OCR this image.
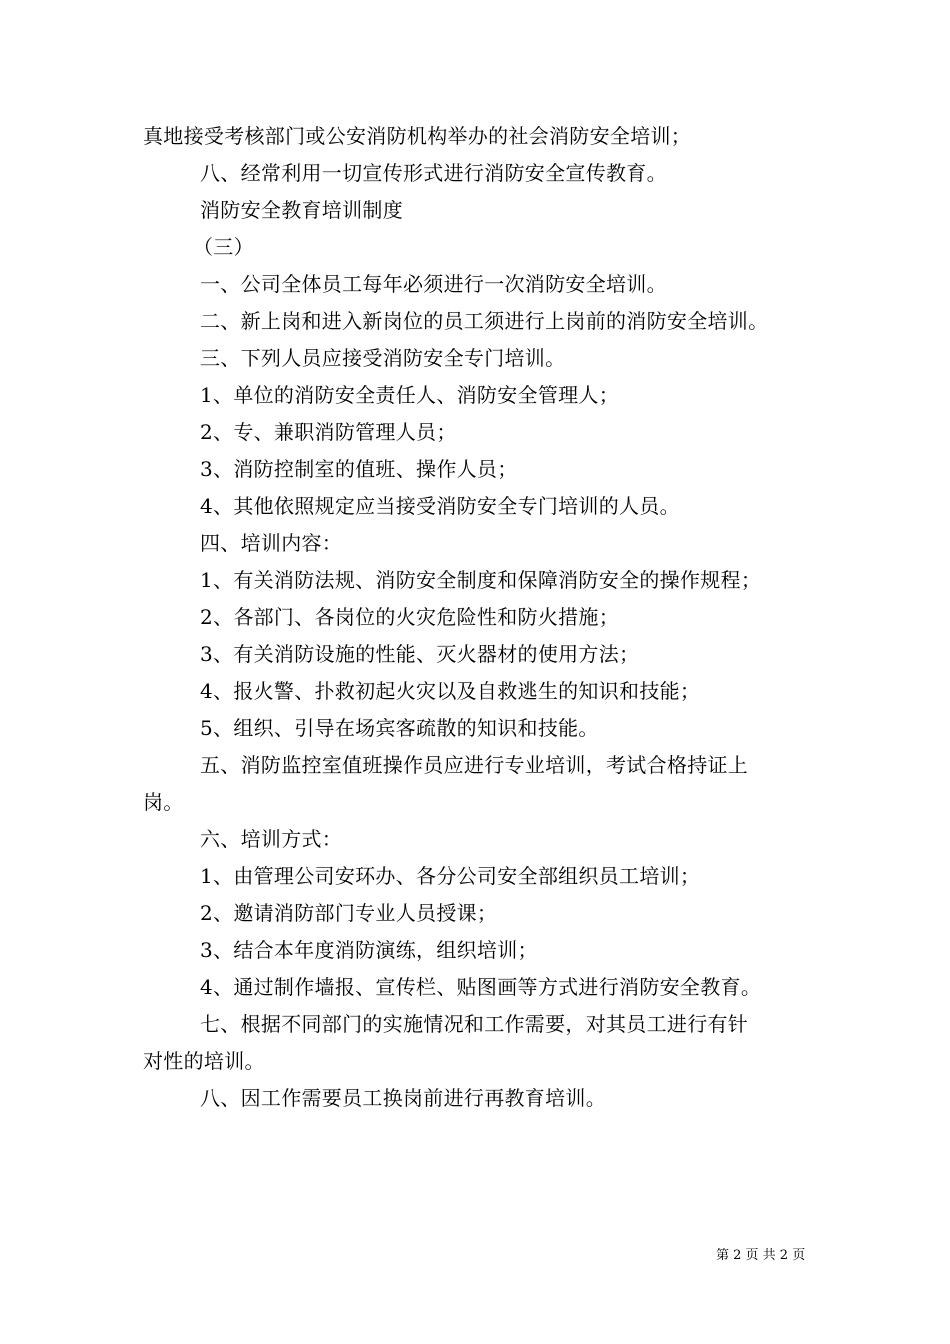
真地接受考核部门或公安消防机构举办的社会消防安全培训；

八、经常利用一切宣传形式进行消防安全宣传教育。

消防安全教育培训制度

（三）

一、公司全体员工每年必须进行一次消防安全培训。

二、新上岗和进入新岗位的员工须进行上岗前的消防安全培训。

三、下列人员应接受消防安全专门培训。

1、单位的消防安全责任人、消防安全管理人；

2、专、兼职消防管理人员；

3、消防控制室的值班、操作人员；

4、其他依照规定应当接受消防安全专门培训的人员。

四、培训内容：

1、有关消防法规、消防安全制度和保障消防安全的操作规程；

2、各部门、各岗位的火灾危险性和防火措施；

3、有关消防设施的性能、灭火器材的使用方法；

4、报火警、扑救初起火灾以及自救逃生的知识和技能；

5、组织、引导在场宾客疏散的知识和技能。

五、消防监控室值班操作员应进行专业培训，考试合格持证上

岗。

六、培训方式：

1、由管理公司安环办、各分公司安全部组织员工培训；

2、邀请消防部门专业人员授课；

3、结合本年度消防演练，组织培训；

4、通过制作墙报、宣传栏、贴图画等方式进行消防安全教育。

七、根据不同部门的实施情况和工作需要，对其员工进行有针

对性的培训。

八、因工作需要员工换岗前进行再教育培训。

第 2 页 共 2 页
